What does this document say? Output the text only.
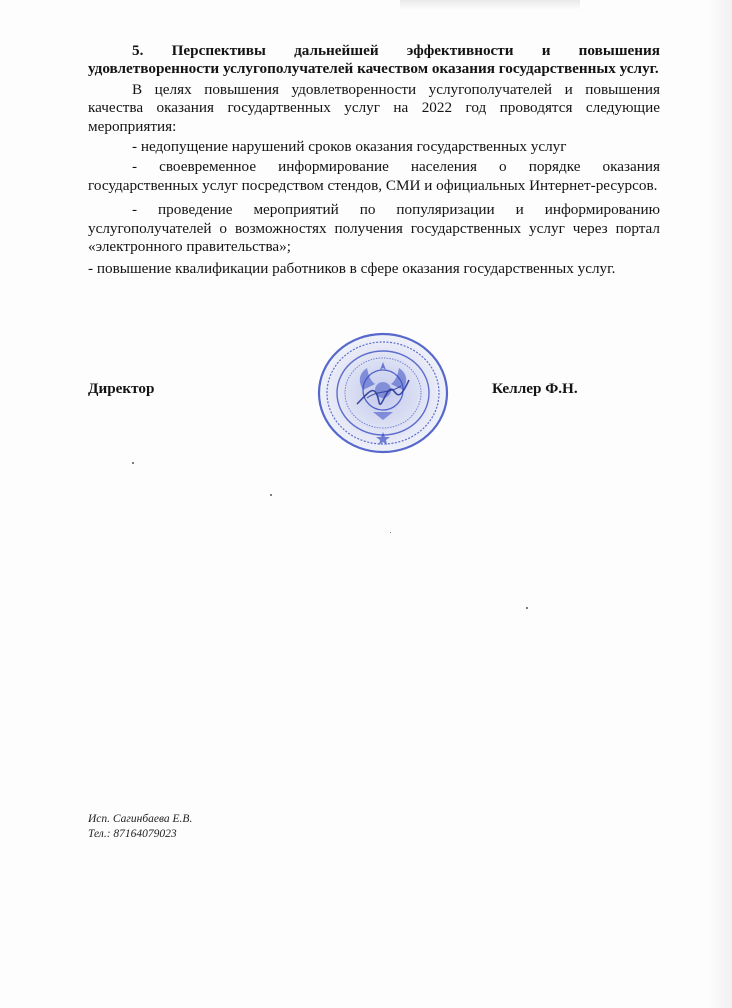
5. Перспективы дальнейшей эффективности и повышения удовлетворенности услугополучателей качеством оказания государственных услуг.

В целях повышения удовлетворенности услугополучателей и повышения качества оказания государтвенных услуг на 2022 год проводятся следующие мероприятия:

- недопущение нарушений сроков оказания государственных услуг

- своевременное информирование населения о порядке оказания государственных услуг посредством стендов, СМИ и официальных Интернет-ресурсов.

- проведение мероприятий по популяризации и информированию услугополучателей о возможностях получения государственных услуг через портал «электронного правительства»;

- повышение квалификации работников в сфере оказания государственных услуг.

Директор	Келлер Ф.Н.
Исп. Сагинбаева Е.В.
Тел.: 87164079023
